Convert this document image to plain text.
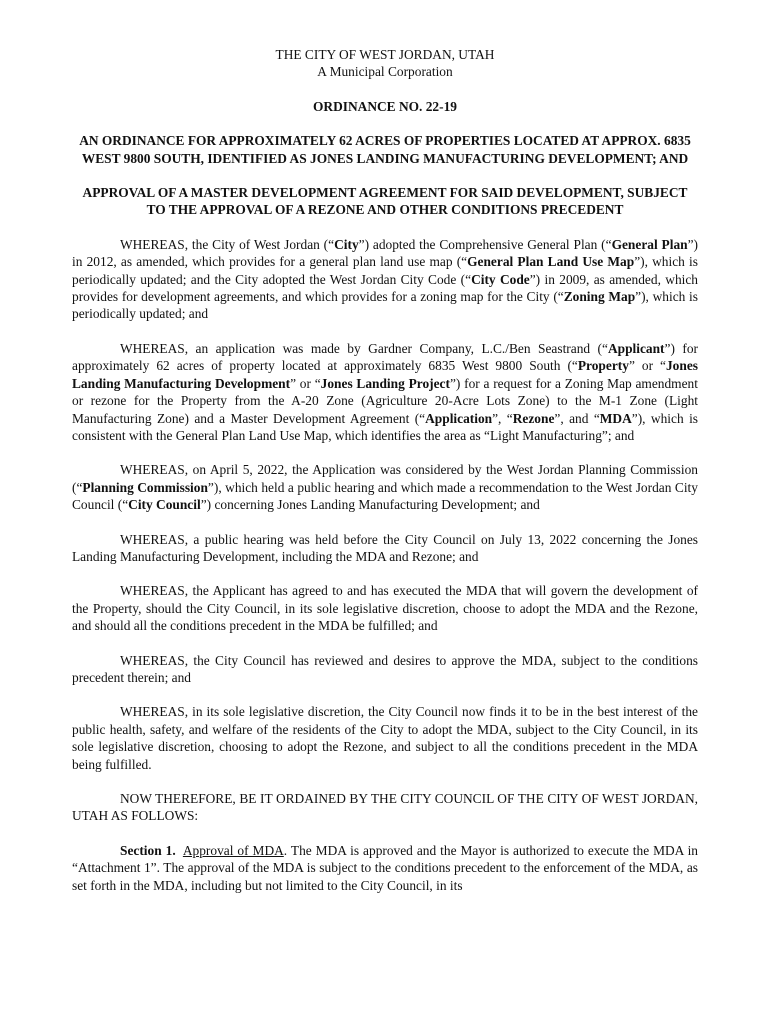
THE CITY OF WEST JORDAN, UTAH
A Municipal Corporation
ORDINANCE NO. 22-19
AN ORDINANCE FOR APPROXIMATELY 62 ACRES OF PROPERTIES LOCATED AT APPROX. 6835 WEST 9800 SOUTH, IDENTIFIED AS JONES LANDING MANUFACTURING DEVELOPMENT; AND
APPROVAL OF A MASTER DEVELOPMENT AGREEMENT FOR SAID DEVELOPMENT, SUBJECT TO THE APPROVAL OF A REZONE AND OTHER CONDITIONS PRECEDENT

WHEREAS, the City of West Jordan (“City”) adopted the Comprehensive General Plan (“General Plan”) in 2012, as amended, which provides for a general plan land use map (“General Plan Land Use Map”), which is periodically updated; and the City adopted the West Jordan City Code (“City Code”) in 2009, as amended, which provides for development agreements, and which provides for a zoning map for the City (“Zoning Map”), which is periodically updated; and

WHEREAS, an application was made by Gardner Company, L.C./Ben Seastrand (“Applicant”) for approximately 62 acres of property located at approximately 6835 West 9800 South (“Property” or “Jones Landing Manufacturing Development” or “Jones Landing Project”) for a request for a Zoning Map amendment or rezone for the Property from the A-20 Zone (Agriculture 20-Acre Lots Zone) to the M-1 Zone (Light Manufacturing Zone) and a Master Development Agreement (“Application”, “Rezone”, and “MDA”), which is consistent with the General Plan Land Use Map, which identifies the area as “Light Manufacturing”; and

WHEREAS, on April 5, 2022, the Application was considered by the West Jordan Planning Commission (“Planning Commission”), which held a public hearing and which made a recommendation to the West Jordan City Council (“City Council”) concerning Jones Landing Manufacturing Development; and

WHEREAS, a public hearing was held before the City Council on July 13, 2022 concerning the Jones Landing Manufacturing Development, including the MDA and Rezone; and

WHEREAS, the Applicant has agreed to and has executed the MDA that will govern the development of the Property, should the City Council, in its sole legislative discretion, choose to adopt the MDA and the Rezone, and should all the conditions precedent in the MDA be fulfilled; and

WHEREAS, the City Council has reviewed and desires to approve the MDA, subject to the conditions precedent therein; and

WHEREAS, in its sole legislative discretion, the City Council now finds it to be in the best interest of the public health, safety, and welfare of the residents of the City to adopt the MDA, subject to the City Council, in its sole legislative discretion, choosing to adopt the Rezone, and subject to all the conditions precedent in the MDA being fulfilled.

NOW THEREFORE, BE IT ORDAINED BY THE CITY COUNCIL OF THE CITY OF WEST JORDAN, UTAH AS FOLLOWS:

Section 1. Approval of MDA. The MDA is approved and the Mayor is authorized to execute the MDA in “Attachment 1”. The approval of the MDA is subject to the conditions precedent to the enforcement of the MDA, as set forth in the MDA, including but not limited to the City Council, in its
